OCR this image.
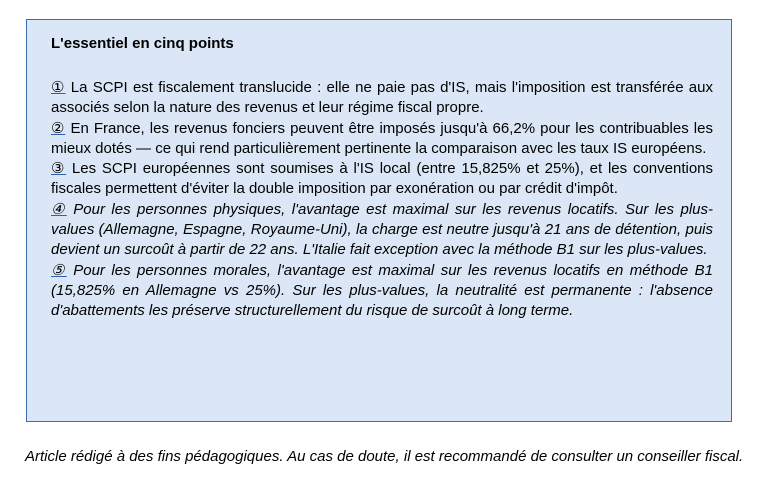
L'essentiel en cinq points

① La SCPI est fiscalement translucide : elle ne paie pas d'IS, mais l'imposition est transférée aux associés selon la nature des revenus et leur régime fiscal propre.

② En France, les revenus fonciers peuvent être imposés jusqu'à 66,2% pour les contribuables les mieux dotés — ce qui rend particulièrement pertinente la comparaison avec les taux IS européens.

③ Les SCPI européennes sont soumises à l'IS local (entre 15,825% et 25%), et les conventions fiscales permettent d'éviter la double imposition par exonération ou par crédit d'impôt.

④ Pour les personnes physiques, l'avantage est maximal sur les revenus locatifs. Sur les plus-values (Allemagne, Espagne, Royaume-Uni), la charge est neutre jusqu'à 21 ans de détention, puis devient un surcoût à partir de 22 ans. L'Italie fait exception avec la méthode B1 sur les plus-values.

⑤ Pour les personnes morales, l'avantage est maximal sur les revenus locatifs en méthode B1 (15,825% en Allemagne vs 25%). Sur les plus-values, la neutralité est permanente : l'absence d'abattements les préserve structurellement du risque de surcoût à long terme.

Article rédigé à des fins pédagogiques. Au cas de doute, il est recommandé de consulter un conseiller fiscal.
